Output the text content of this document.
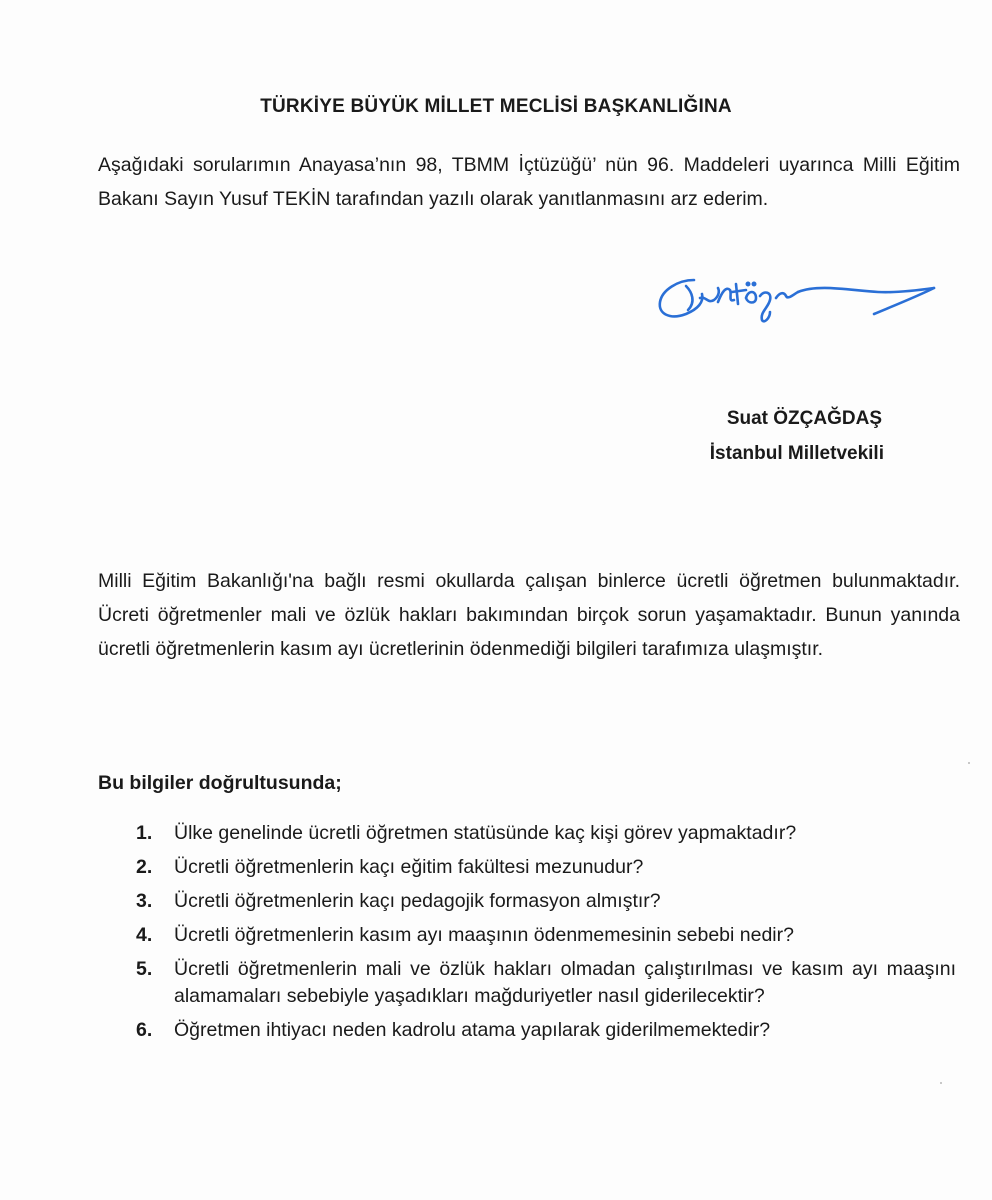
TÜRKİYE BÜYÜK MİLLET MECLİSİ BAŞKANLIĞINA

Aşağıdaki sorularımın Anayasa’nın 98, TBMM İçtüzüğü’ nün 96. Maddeleri uyarınca Milli Eğitim Bakanı Sayın Yusuf TEKİN tarafından yazılı olarak yanıtlanmasını arz ederim.

Suat ÖZÇAĞDAŞ
İstanbul Milletvekili

Milli Eğitim Bakanlığı'na bağlı resmi okullarda çalışan binlerce ücretli öğretmen bulunmaktadır. Ücreti öğretmenler mali ve özlük hakları bakımından birçok sorun yaşamaktadır. Bunun yanında ücretli öğretmenlerin kasım ayı ücretlerinin ödenmediği bilgileri tarafımıza ulaşmıştır.

Bu bilgiler doğrultusunda;
1. Ülke genelinde ücretli öğretmen statüsünde kaç kişi görev yapmaktadır?
2. Ücretli öğretmenlerin kaçı eğitim fakültesi mezunudur?
3. Ücretli öğretmenlerin kaçı pedagojik formasyon almıştır?
4. Ücretli öğretmenlerin kasım ayı maaşının ödenmemesinin sebebi nedir?
5. Ücretli öğretmenlerin mali ve özlük hakları olmadan çalıştırılması ve kasım ayı maaşını alamamaları sebebiyle yaşadıkları mağduriyetler nasıl giderilecektir?
6. Öğretmen ihtiyacı neden kadrolu atama yapılarak giderilmemektedir?
